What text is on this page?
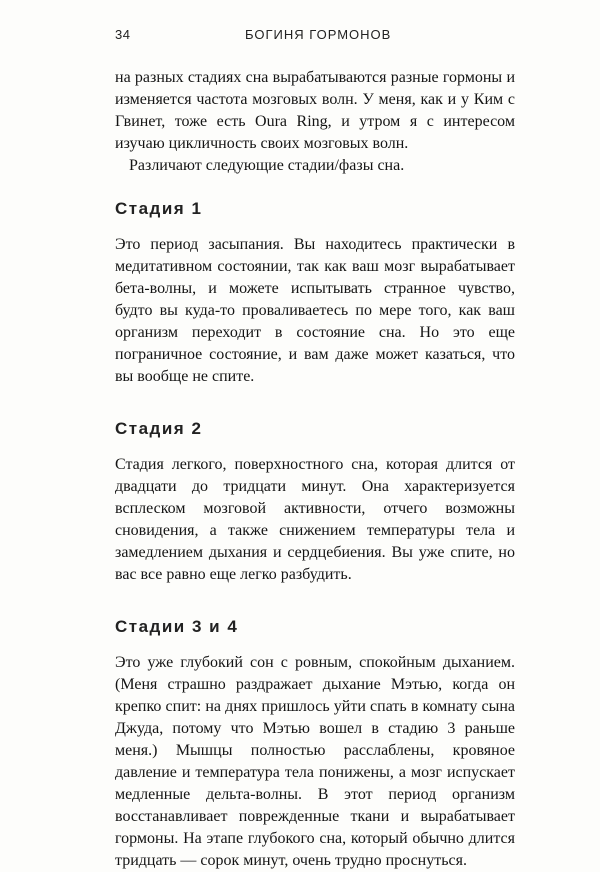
34	БОГИНЯ ГОРМОНОВ

на разных стадиях сна вырабатываются разные гормоны и изменяется частота мозговых волн. У меня, как и у Ким с Гвинет, тоже есть Oura Ring, и утром я с интересом изучаю цикличность своих мозговых волн.

Различают следующие стадии/фазы сна.

Стадия 1

Это период засыпания. Вы находитесь практически в медитативном состоянии, так как ваш мозг вырабатывает бета-волны, и можете испытывать странное чувство, будто вы куда-то проваливаетесь по мере того, как ваш организм переходит в состояние сна. Но это еще пограничное состояние, и вам даже может казаться, что вы вообще не спите.

Стадия 2

Стадия легкого, поверхностного сна, которая длится от двадцати до тридцати минут. Она характеризуется всплеском мозговой активности, отчего возможны сновидения, а также снижением температуры тела и замедлением дыхания и сердцебиения. Вы уже спите, но вас все равно еще легко разбудить.

Стадии 3 и 4

Это уже глубокий сон с ровным, спокойным дыханием. (Меня страшно раздражает дыхание Мэтью, когда он крепко спит: на днях пришлось уйти спать в комнату сына Джуда, потому что Мэтью вошел в стадию 3 раньше меня.) Мышцы полностью расслаблены, кровяное давление и температура тела понижены, а мозг испускает медленные дельта-волны. В этот период организм восстанавливает поврежденные ткани и вырабатывает гормоны. На этапе глубокого сна, который обычно длится тридцать — сорок минут, очень трудно проснуться.
